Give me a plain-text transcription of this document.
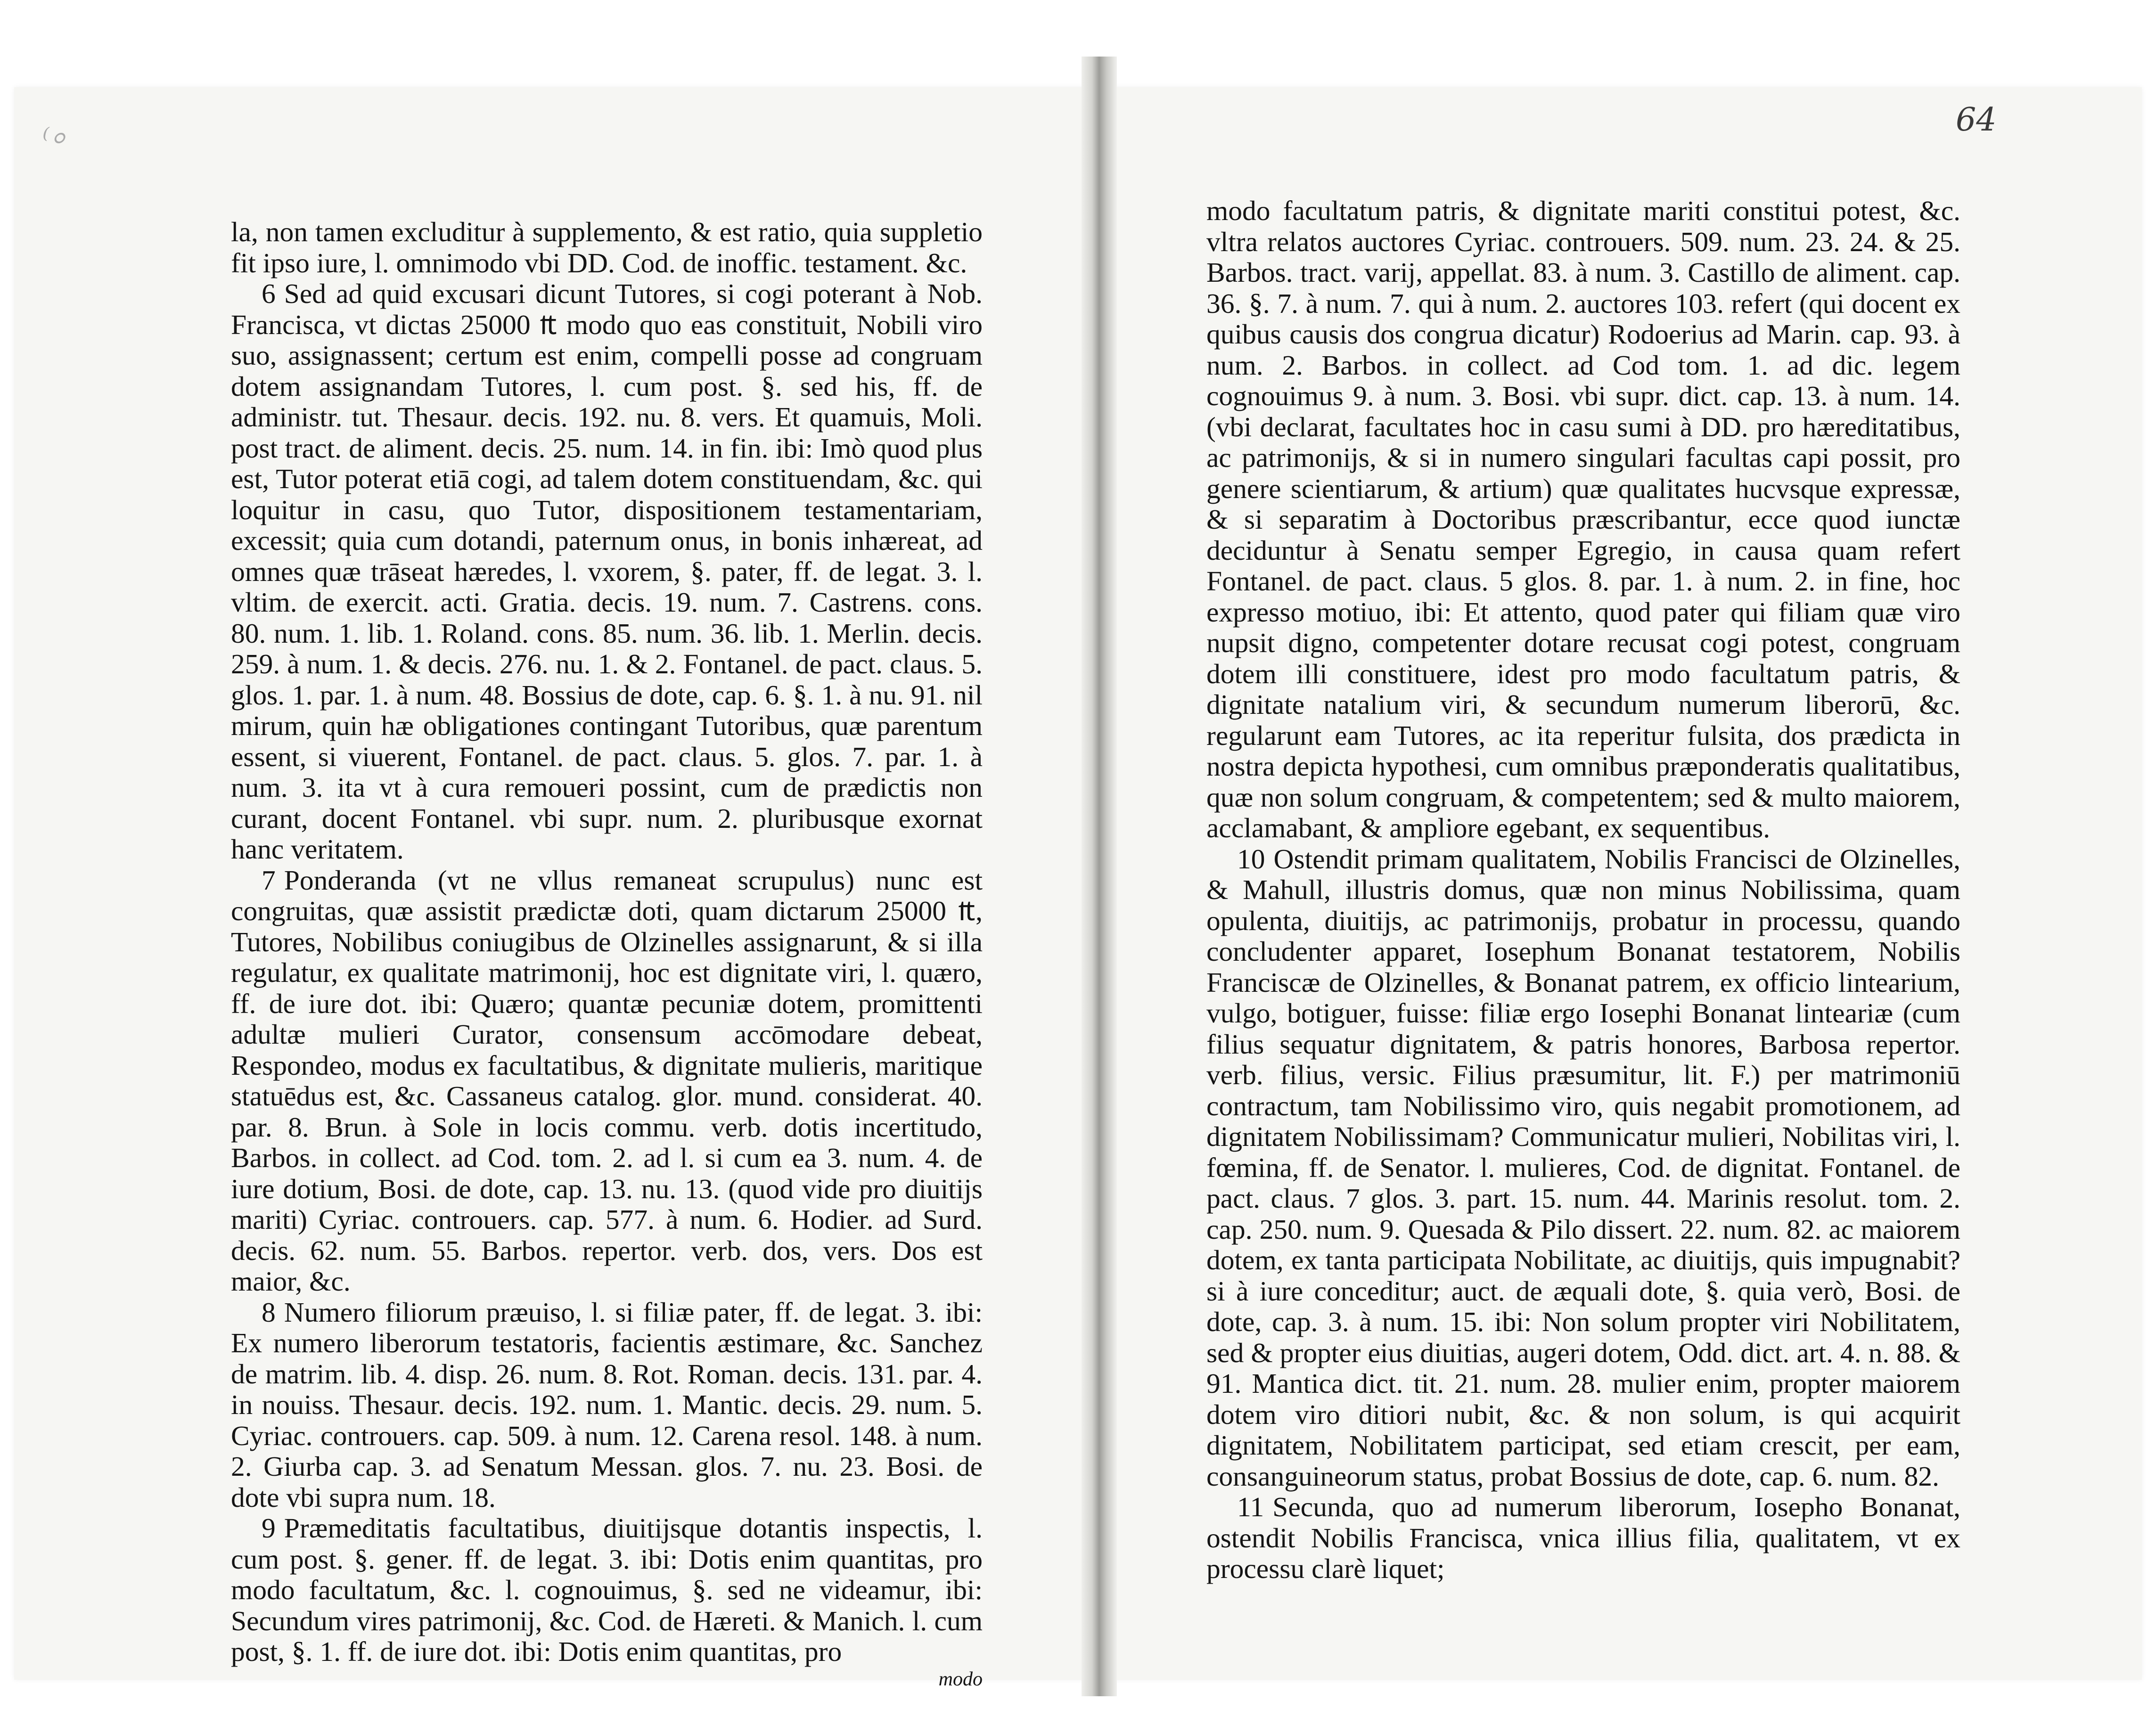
⁽⸰	64

la, non tamen excluditur à supplemento, & est ratio, quia suppletio fit ipso iure, l. omnimodo vbi DD. Cod. de inoffic. testament. &c.

6 Sed ad quid excusari dicunt Tutores, si cogi poterant à Nob. Francisca, vt dictas 25000 ₶ modo quo eas constituit, Nobili viro suo, assignassent; certum est enim, compelli posse ad congruam dotem assignandam Tutores, l. cum post. §. sed his, ff. de administr. tut. Thesaur. decis. 192. nu. 8. vers. Et quamuis, Moli. post tract. de aliment. decis. 25. num. 14. in fin. ibi: Imò quod plus est, Tutor poterat etiā cogi, ad talem dotem constituendam, &c. qui loquitur in casu, quo Tutor, dispositionem testamentariam, excessit; quia cum dotandi, paternum onus, in bonis inhæreat, ad omnes quæ trāseat hæredes, l. vxorem, §. pater, ff. de legat. 3. l. vltim. de exercit. acti. Gratia. decis. 19. num. 7. Castrens. cons. 80. num. 1. lib. 1. Roland. cons. 85. num. 36. lib. 1. Merlin. decis. 259. à num. 1. & decis. 276. nu. 1. & 2. Fontanel. de pact. claus. 5. glos. 1. par. 1. à num. 48. Bossius de dote, cap. 6. §. 1. à nu. 91. nil mirum, quin hæ obligationes contingant Tutoribus, quæ parentum essent, si viuerent, Fontanel. de pact. claus. 5. glos. 7. par. 1. à num. 3. ita vt à cura remoueri possint, cum de prædictis non curant, docent Fontanel. vbi supr. num. 2. pluribusque exornat hanc veritatem.

7 Ponderanda (vt ne vllus remaneat scrupulus) nunc est congruitas, quæ assistit prædictæ doti, quam dictarum 25000 ₶, Tutores, Nobilibus coniugibus de Olzinelles assignarunt, & si illa regulatur, ex qualitate matrimonij, hoc est dignitate viri, l. quæro, ff. de iure dot. ibi: Quæro; quantæ pecuniæ dotem, promittenti adultæ mulieri Curator, consensum accōmodare debeat, Respondeo, modus ex facultatibus, & dignitate mulieris, maritique statuēdus est, &c. Cassaneus catalog. glor. mund. considerat. 40. par. 8. Brun. à Sole in locis commu. verb. dotis incertitudo, Barbos. in collect. ad Cod. tom. 2. ad l. si cum ea 3. num. 4. de iure dotium, Bosi. de dote, cap. 13. nu. 13. (quod vide pro diuitijs mariti) Cyriac. controuers. cap. 577. à num. 6. Hodier. ad Surd. decis. 62. num. 55. Barbos. repertor. verb. dos, vers. Dos est maior, &c.

8 Numero filiorum præuiso, l. si filiæ pater, ff. de legat. 3. ibi: Ex numero liberorum testatoris, facientis æstimare, &c. Sanchez de matrim. lib. 4. disp. 26. num. 8. Rot. Roman. decis. 131. par. 4. in nouiss. Thesaur. decis. 192. num. 1. Mantic. decis. 29. num. 5. Cyriac. controuers. cap. 509. à num. 12. Carena resol. 148. à num. 2. Giurba cap. 3. ad Senatum Messan. glos. 7. nu. 23. Bosi. de dote vbi supra num. 18.

9 Præmeditatis facultatibus, diuitijsque dotantis inspectis, l. cum post. §. gener. ff. de legat. 3. ibi: Dotis enim quantitas, pro modo facultatum, &c. l. cognouimus, §. sed ne videamur, ibi: Secundum vires patrimonij, &c. Cod. de Hæreti. & Manich. l. cum post, §. 1. ff. de iure dot. ibi: Dotis enim quantitas, pro

modo

modo facultatum patris, & dignitate mariti constitui potest, &c. vltra relatos auctores Cyriac. controuers. 509. num. 23. 24. & 25. Barbos. tract. varij, appellat. 83. à num. 3. Castillo de aliment. cap. 36. §. 7. à num. 7. qui à num. 2. auctores 103. refert (qui docent ex quibus causis dos congrua dicatur) Rodoerius ad Marin. cap. 93. à num. 2. Barbos. in collect. ad Cod tom. 1. ad dic. legem cognouimus 9. à num. 3. Bosi. vbi supr. dict. cap. 13. à num. 14. (vbi declarat, facultates hoc in casu sumi à DD. pro hæreditatibus, ac patrimonijs, & si in numero singulari facultas capi possit, pro genere scientiarum, & artium) quæ qualitates hucvsque expressæ, & si separatim à Doctoribus præscribantur, ecce quod iunctæ deciduntur à Senatu semper Egregio, in causa quam refert Fontanel. de pact. claus. 5 glos. 8. par. 1. à num. 2. in fine, hoc expresso motiuo, ibi: Et attento, quod pater qui filiam quæ viro nupsit digno, competenter dotare recusat cogi potest, congruam dotem illi constituere, idest pro modo facultatum patris, & dignitate natalium viri, & secundum numerum liberorū, &c. regularunt eam Tutores, ac ita reperitur fulsita, dos prædicta in nostra depicta hypothesi, cum omnibus præponderatis qualitatibus, quæ non solum congruam, & competentem; sed & multo maiorem, acclamabant, & ampliore egebant, ex sequentibus.

10 Ostendit primam qualitatem, Nobilis Francisci de Olzinelles, & Mahull, illustris domus, quæ non minus Nobilissima, quam opulenta, diuitijs, ac patrimonijs, probatur in processu, quando concludenter apparet, Iosephum Bonanat testatorem, Nobilis Franciscæ de Olzinelles, & Bonanat patrem, ex officio lintearium, vulgo, botiguer, fuisse: filiæ ergo Iosephi Bonanat linteariæ (cum filius sequatur dignitatem, & patris honores, Barbosa repertor. verb. filius, versic. Filius præsumitur, lit. F.) per matrimoniū contractum, tam Nobilissimo viro, quis negabit promotionem, ad dignitatem Nobilissimam? Communicatur mulieri, Nobilitas viri, l. fœmina, ff. de Senator. l. mulieres, Cod. de dignitat. Fontanel. de pact. claus. 7 glos. 3. part. 15. num. 44. Marinis resolut. tom. 2. cap. 250. num. 9. Quesada & Pilo dissert. 22. num. 82. ac maiorem dotem, ex tanta participata Nobilitate, ac diuitijs, quis impugnabit? si à iure conceditur; auct. de æquali dote, §. quia verò, Bosi. de dote, cap. 3. à num. 15. ibi: Non solum propter viri Nobilitatem, sed & propter eius diuitias, augeri dotem, Odd. dict. art. 4. n. 88. & 91. Mantica dict. tit. 21. num. 28. mulier enim, propter maiorem dotem viro ditiori nubit, &c. & non solum, is qui acquirit dignitatem, Nobilitatem participat, sed etiam crescit, per eam, consanguineorum status, probat Bossius de dote, cap. 6. num. 82.

11 Secunda, quo ad numerum liberorum, Iosepho Bonanat, ostendit Nobilis Francisca, vnica illius filia, qualitatem, vt ex processu clarè liquet;
